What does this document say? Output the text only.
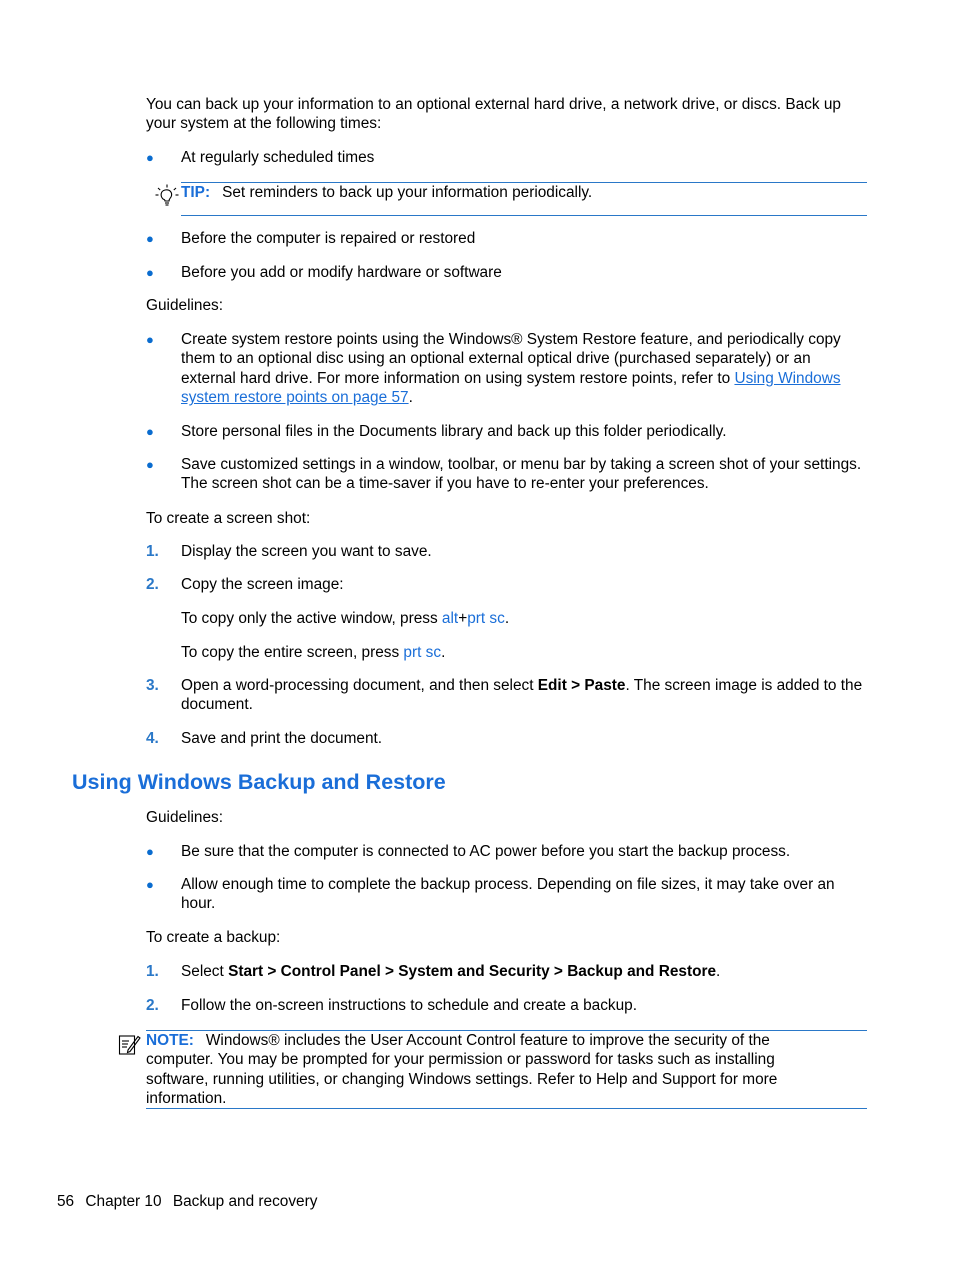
You can back up your information to an optional external hard drive, a network drive, or discs. Back up your system at the following times:

● At regularly scheduled times
TIP: Set reminders to back up your information periodically.
● Before the computer is repaired or restored
● Before you add or modify hardware or software

Guidelines:

● Create system restore points using the Windows® System Restore feature, and periodically copy them to an optional disc using an optional external optical drive (purchased separately) or an external hard drive. For more information on using system restore points, refer to Using Windows system restore points on page 57.
● Store personal files in the Documents library and back up this folder periodically.
● Save customized settings in a window, toolbar, or menu bar by taking a screen shot of your settings. The screen shot can be a time-saver if you have to re-enter your preferences.

To create a screen shot:

1. Display the screen you want to save.
2. Copy the screen image:

To copy only the active window, press alt+prt sc.

To copy the entire screen, press prt sc.

3. Open a word-processing document, and then select Edit > Paste. The screen image is added to the document.
4. Save and print the document.
Using Windows Backup and Restore

Guidelines:

● Be sure that the computer is connected to AC power before you start the backup process.
● Allow enough time to complete the backup process. Depending on file sizes, it may take over an hour.

To create a backup:

1. Select Start > Control Panel > System and Security > Backup and Restore.
2. Follow the on-screen instructions to schedule and create a backup.
NOTE: Windows® includes the User Account Control feature to improve the security of the computer. You may be prompted for your permission or password for tasks such as installing software, running utilities, or changing Windows settings. Refer to Help and Support for more information.
56 Chapter 10 Backup and recovery
